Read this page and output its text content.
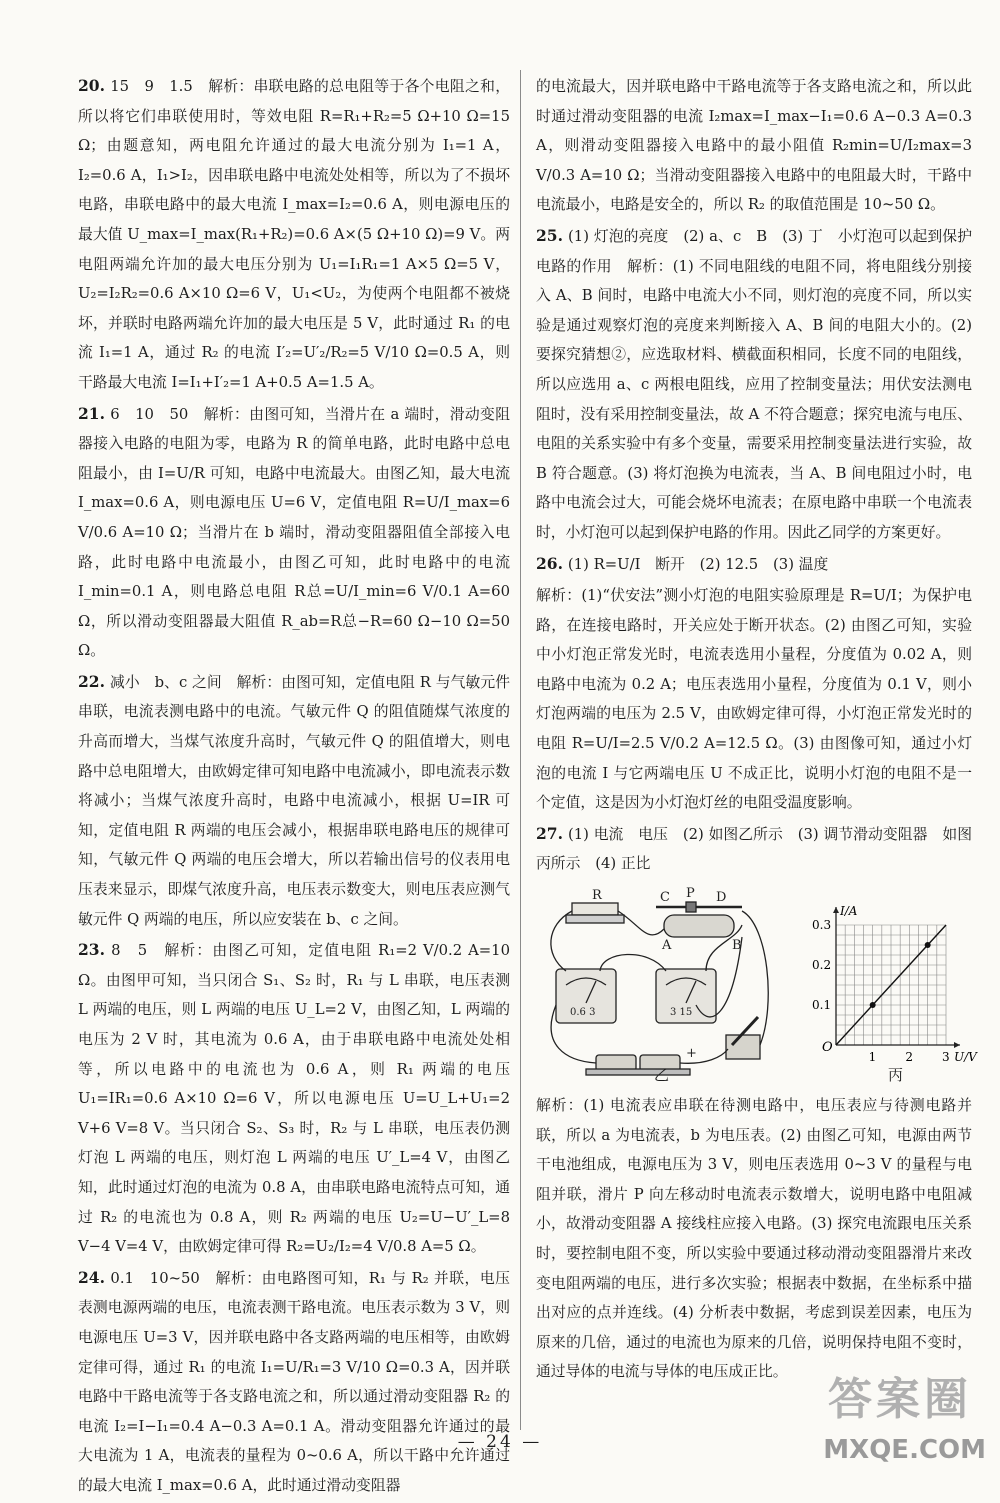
20. 15　9　1.5　解析：串联电路的总电阻等于各个电阻之和，所以将它们串联使用时，等效电阻 R=R₁+R₂=5 Ω+10 Ω=15 Ω；由题意知，两电阻允许通过的最大电流分别为 I₁=1 A，I₂=0.6 A，I₁>I₂，因串联电路中电流处处相等，所以为了不损坏电路，串联电路中的最大电流 I_max=I₂=0.6 A，则电源电压的最大值 U_max=I_max(R₁+R₂)=0.6 A×(5 Ω+10 Ω)=9 V。两电阻两端允许加的最大电压分别为 U₁=I₁R₁=1 A×5 Ω=5 V，U₂=I₂R₂=0.6 A×10 Ω=6 V，U₁<U₂，为使两个电阻都不被烧坏，并联时电路两端允许加的最大电压是 5 V，此时通过 R₁ 的电流 I₁=1 A，通过 R₂ 的电流 I′₂=U′₂/R₂=5 V/10 Ω=0.5 A，则干路最大电流 I=I₁+I′₂=1 A+0.5 A=1.5 A。
21. 6　10　50　解析：由图可知，当滑片在 a 端时，滑动变阻器接入电路的电阻为零，电路为 R 的简单电路，此时电路中总电阻最小，由 I=U/R 可知，电路中电流最大。由图乙知，最大电流 I_max=0.6 A，则电源电压 U=6 V，定值电阻 R=U/I_max=6 V/0.6 A=10 Ω；当滑片在 b 端时，滑动变阻器阻值全部接入电路，此时电路中电流最小，由图乙可知，此时电路中的电流 I_min=0.1 A，则电路总电阻 R总=U/I_min=6 V/0.1 A=60 Ω，所以滑动变阻器最大阻值 R_ab=R总−R=60 Ω−10 Ω=50 Ω。
22. 减小　b、c 之间　解析：由图可知，定值电阻 R 与气敏元件串联，电流表测电路中的电流。气敏元件 Q 的阻值随煤气浓度的升高而增大，当煤气浓度升高时，气敏元件 Q 的阻值增大，则电路中总电阻增大，由欧姆定律可知电路中电流减小，即电流表示数将减小；当煤气浓度升高时，电路中电流减小，根据 U=IR 可知，定值电阻 R 两端的电压会减小，根据串联电路电压的规律可知，气敏元件 Q 两端的电压会增大，所以若输出信号的仪表用电压表来显示，即煤气浓度升高，电压表示数变大，则电压表应测气敏元件 Q 两端的电压，所以应安装在 b、c 之间。
23. 8　5　解析：由图乙可知，定值电阻 R₁=2 V/0.2 A=10 Ω。由图甲可知，当只闭合 S₁、S₂ 时，R₁ 与 L 串联，电压表测 L 两端的电压，则 L 两端的电压 U_L=2 V，由图乙知，L 两端的电压为 2 V 时，其电流为 0.6 A，由于串联电路中电流处处相等，所以电路中的电流也为 0.6 A，则 R₁ 两端的电压 U₁=IR₁=0.6 A×10 Ω=6 V，所以电源电压 U=U_L+U₁=2 V+6 V=8 V。当只闭合 S₂、S₃ 时，R₂ 与 L 串联，电压表仍测灯泡 L 两端的电压，则灯泡 L 两端的电压 U′_L=4 V，由图乙知，此时通过灯泡的电流为 0.8 A，由串联电路电流特点可知，通过 R₂ 的电流也为 0.8 A，则 R₂ 两端的电压 U₂=U−U′_L=8 V−4 V=4 V，由欧姆定律可得 R₂=U₂/I₂=4 V/0.8 A=5 Ω。
24. 0.1　10~50　解析：由电路图可知，R₁ 与 R₂ 并联，电压表测电源两端的电压，电流表测干路电流。电压表示数为 3 V，则电源电压 U=3 V，因并联电路中各支路两端的电压相等，由欧姆定律可得，通过 R₁ 的电流 I₁=U/R₁=3 V/10 Ω=0.3 A，因并联电路中干路电流等于各支路电流之和，所以通过滑动变阻器 R₂ 的电流 I₂=I−I₁=0.4 A−0.3 A=0.1 A。滑动变阻器允许通过的最大电流为 1 A，电流表的量程为 0~0.6 A，所以干路中允许通过的最大电流 I_max=0.6 A，此时通过滑动变阻器
的电流最大，因并联电路中干路电流等于各支路电流之和，所以此时通过滑动变阻器的电流 I₂max=I_max−I₁=0.6 A−0.3 A=0.3 A，则滑动变阻器接入电路中的最小阻值 R₂min=U/I₂max=3 V/0.3 A=10 Ω；当滑动变阻器接入电路中的电阻最大时，干路中电流最小，电路是安全的，所以 R₂ 的取值范围是 10~50 Ω。
25. (1) 灯泡的亮度　(2) a、c　B　(3) 丁　小灯泡可以起到保护电路的作用　解析：(1) 不同电阻线的电阻不同，将电阻线分别接入 A、B 间时，电路中电流大小不同，则灯泡的亮度不同，所以实验是通过观察灯泡的亮度来判断接入 A、B 间的电阻大小的。(2) 要探究猜想②，应选取材料、横截面积相同，长度不同的电阻线，所以应选用 a、c 两根电阻线，应用了控制变量法；用伏安法测电阻时，没有采用控制变量法，故 A 不符合题意；探究电流与电压、电阻的关系实验中有多个变量，需要采用控制变量法进行实验，故 B 符合题意。(3) 将灯泡换为电流表，当 A、B 间电阻过小时，电路中电流会过大，可能会烧坏电流表；在原电路中串联一个电流表时，小灯泡可以起到保护电路的作用。因此乙同学的方案更好。
26. (1) R=U/I　断开　(2) 12.5　(3) 温度
解析：(1)“伏安法”测小灯泡的电阻实验原理是 R=U/I；为保护电路，在连接电路时，开关应处于断开状态。(2) 由图乙可知，实验中小灯泡正常发光时，电流表选用小量程，分度值为 0.02 A，则电路中电流为 0.2 A；电压表选用小量程，分度值为 0.1 V，则小灯泡两端的电压为 2.5 V，由欧姆定律可得，小灯泡正常发光时的电阻 R=U/I=2.5 V/0.2 A=12.5 Ω。(3) 由图像可知，通过小灯泡的电流 I 与它两端电压 U 不成正比，说明小灯泡的电阻不是一个定值，这是因为小灯泡灯丝的电阻受温度影响。
27. (1) 电流　电压　(2) 如图乙所示　(3) 调节滑动变阻器　如图丙所示　(4) 正比
R	C P D
A	B
0.6 3	3 15
+
0.3
0.2
0.1
1 2 3
O
I/A
U/V
乙	丙
解析：(1) 电流表应串联在待测电路中，电压表应与待测电路并联，所以 a 为电流表，b 为电压表。(2) 由图乙可知，电源由两节干电池组成，电源电压为 3 V，则电压表选用 0~3 V 的量程与电阻并联，滑片 P 向左移动时电流表示数增大，说明电路中电阻减小，故滑动变阻器 A 接线柱应接入电路。(3) 探究电流跟电压关系时，要控制电阻不变，所以实验中要通过移动滑动变阻器滑片来改变电阻两端的电压，进行多次实验；根据表中数据，在坐标系中描出对应的点并连线。(4) 分析表中数据，考虑到误差因素，电压为原来的几倍，通过的电流也为原来的几倍，说明保持电阻不变时，通过导体的电流与导体的电压成正比。
— 24 —
答案圈
MXQE.COM
